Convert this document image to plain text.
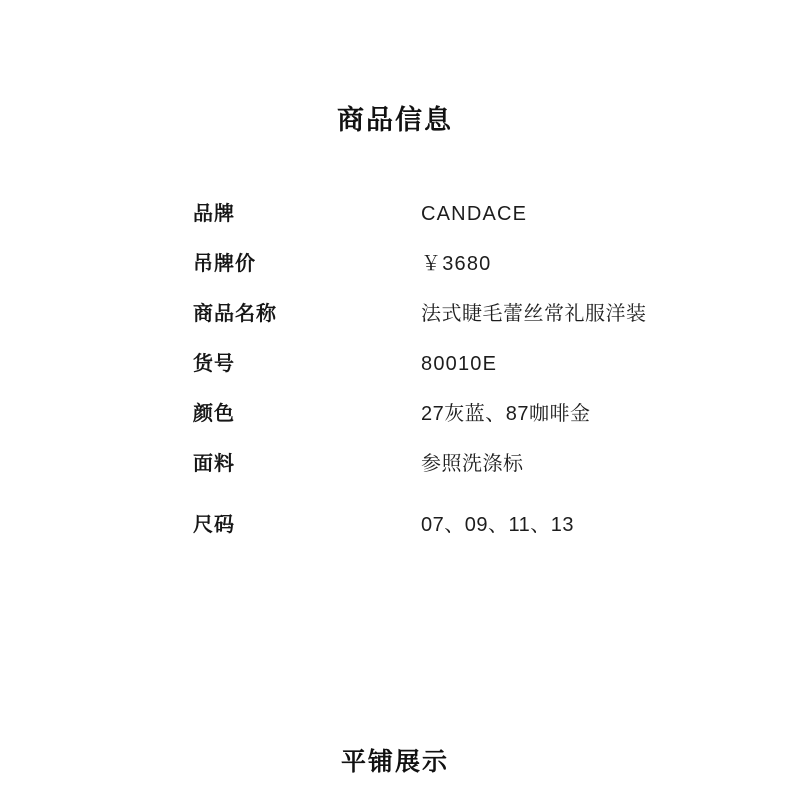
商品信息
品牌	CANDACE
吊牌价	￥3680
商品名称	法式睫毛蕾丝常礼服洋装
货号	80010E
颜色	27灰蓝、87咖啡金
面料	参照洗涤标
尺码	07、09、11、13
平铺展示
